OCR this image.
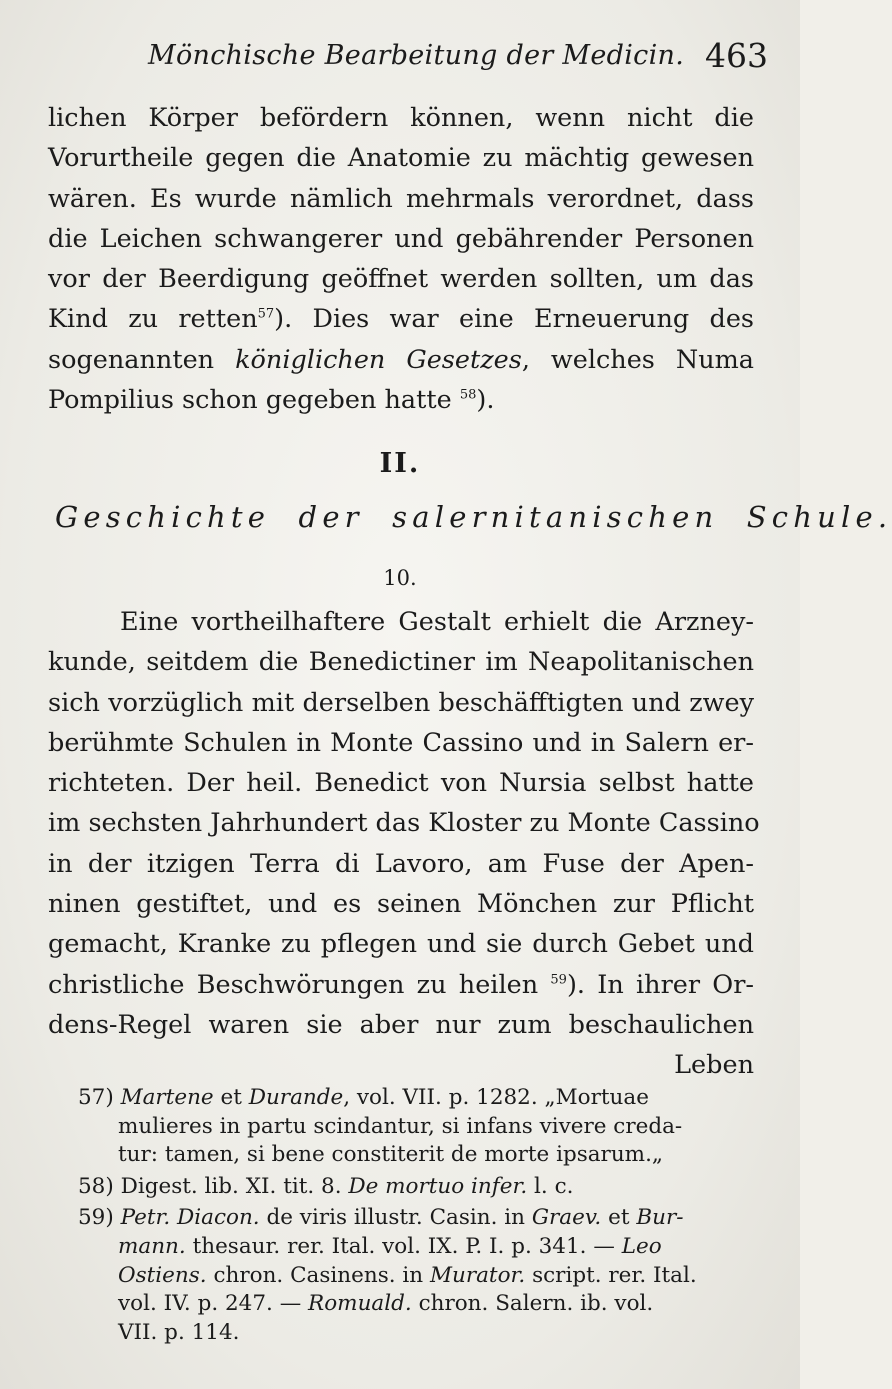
Mönchische Bearbeitung der Medicin. 463
lichen Körper befördern können, wenn nicht die
Vorurtheile gegen die Anatomie zu mächtig gewesen
wären. Es wurde nämlich mehrmals verordnet, dass
die Leichen schwangerer und gebährender Personen
vor der Beerdigung geöffnet werden sollten, um das
Kind zu retten$^{57}$). Dies war eine Erneuerung des
sogenannten königlichen Gesetzes, welches Numa
Pompilius schon gegeben hatte $^{58}$).
II.
Geschichte der salernitanischen Schule.
10.
Eine vortheilhaftere Gestalt erhielt die Arzney-
kunde, seitdem die Benedictiner im Neapolitanischen
sich vorzüglich mit derselben beschäfftigten und zwey
berühmte Schulen in Monte Cassino und in Salern er-
richteten. Der heil. Benedict von Nursia selbst hatte
im sechsten Jahrhundert das Kloster zu Monte Cassino
in der itzigen Terra di Lavoro, am Fuse der Apen-
ninen gestiftet, und es seinen Mönchen zur Pflicht
gemacht, Kranke zu pflegen und sie durch Gebet und
christliche Beschwörungen zu heilen $^{59}$). In ihrer Or-
dens-Regel waren sie aber nur zum beschaulichen
Leben
57) Martene et Durande, vol. VII. p. 1282. „Mortuae
mulieres in partu scindantur, si infans vivere creda-
tur: tamen, si bene constiterit de morte ipsarum.„
58) Digest. lib. XI. tit. 8. De mortuo infer. l. c.
59) Petr. Diacon. de viris illustr. Casin. in Graev. et Bur-
mann. thesaur. rer. Ital. vol. IX. P. I. p. 341. — Leo
Ostiens. chron. Casinens. in Murator. script. rer. Ital.
vol. IV. p. 247. — Romuald. chron. Salern. ib. vol.
VII. p. 114.
